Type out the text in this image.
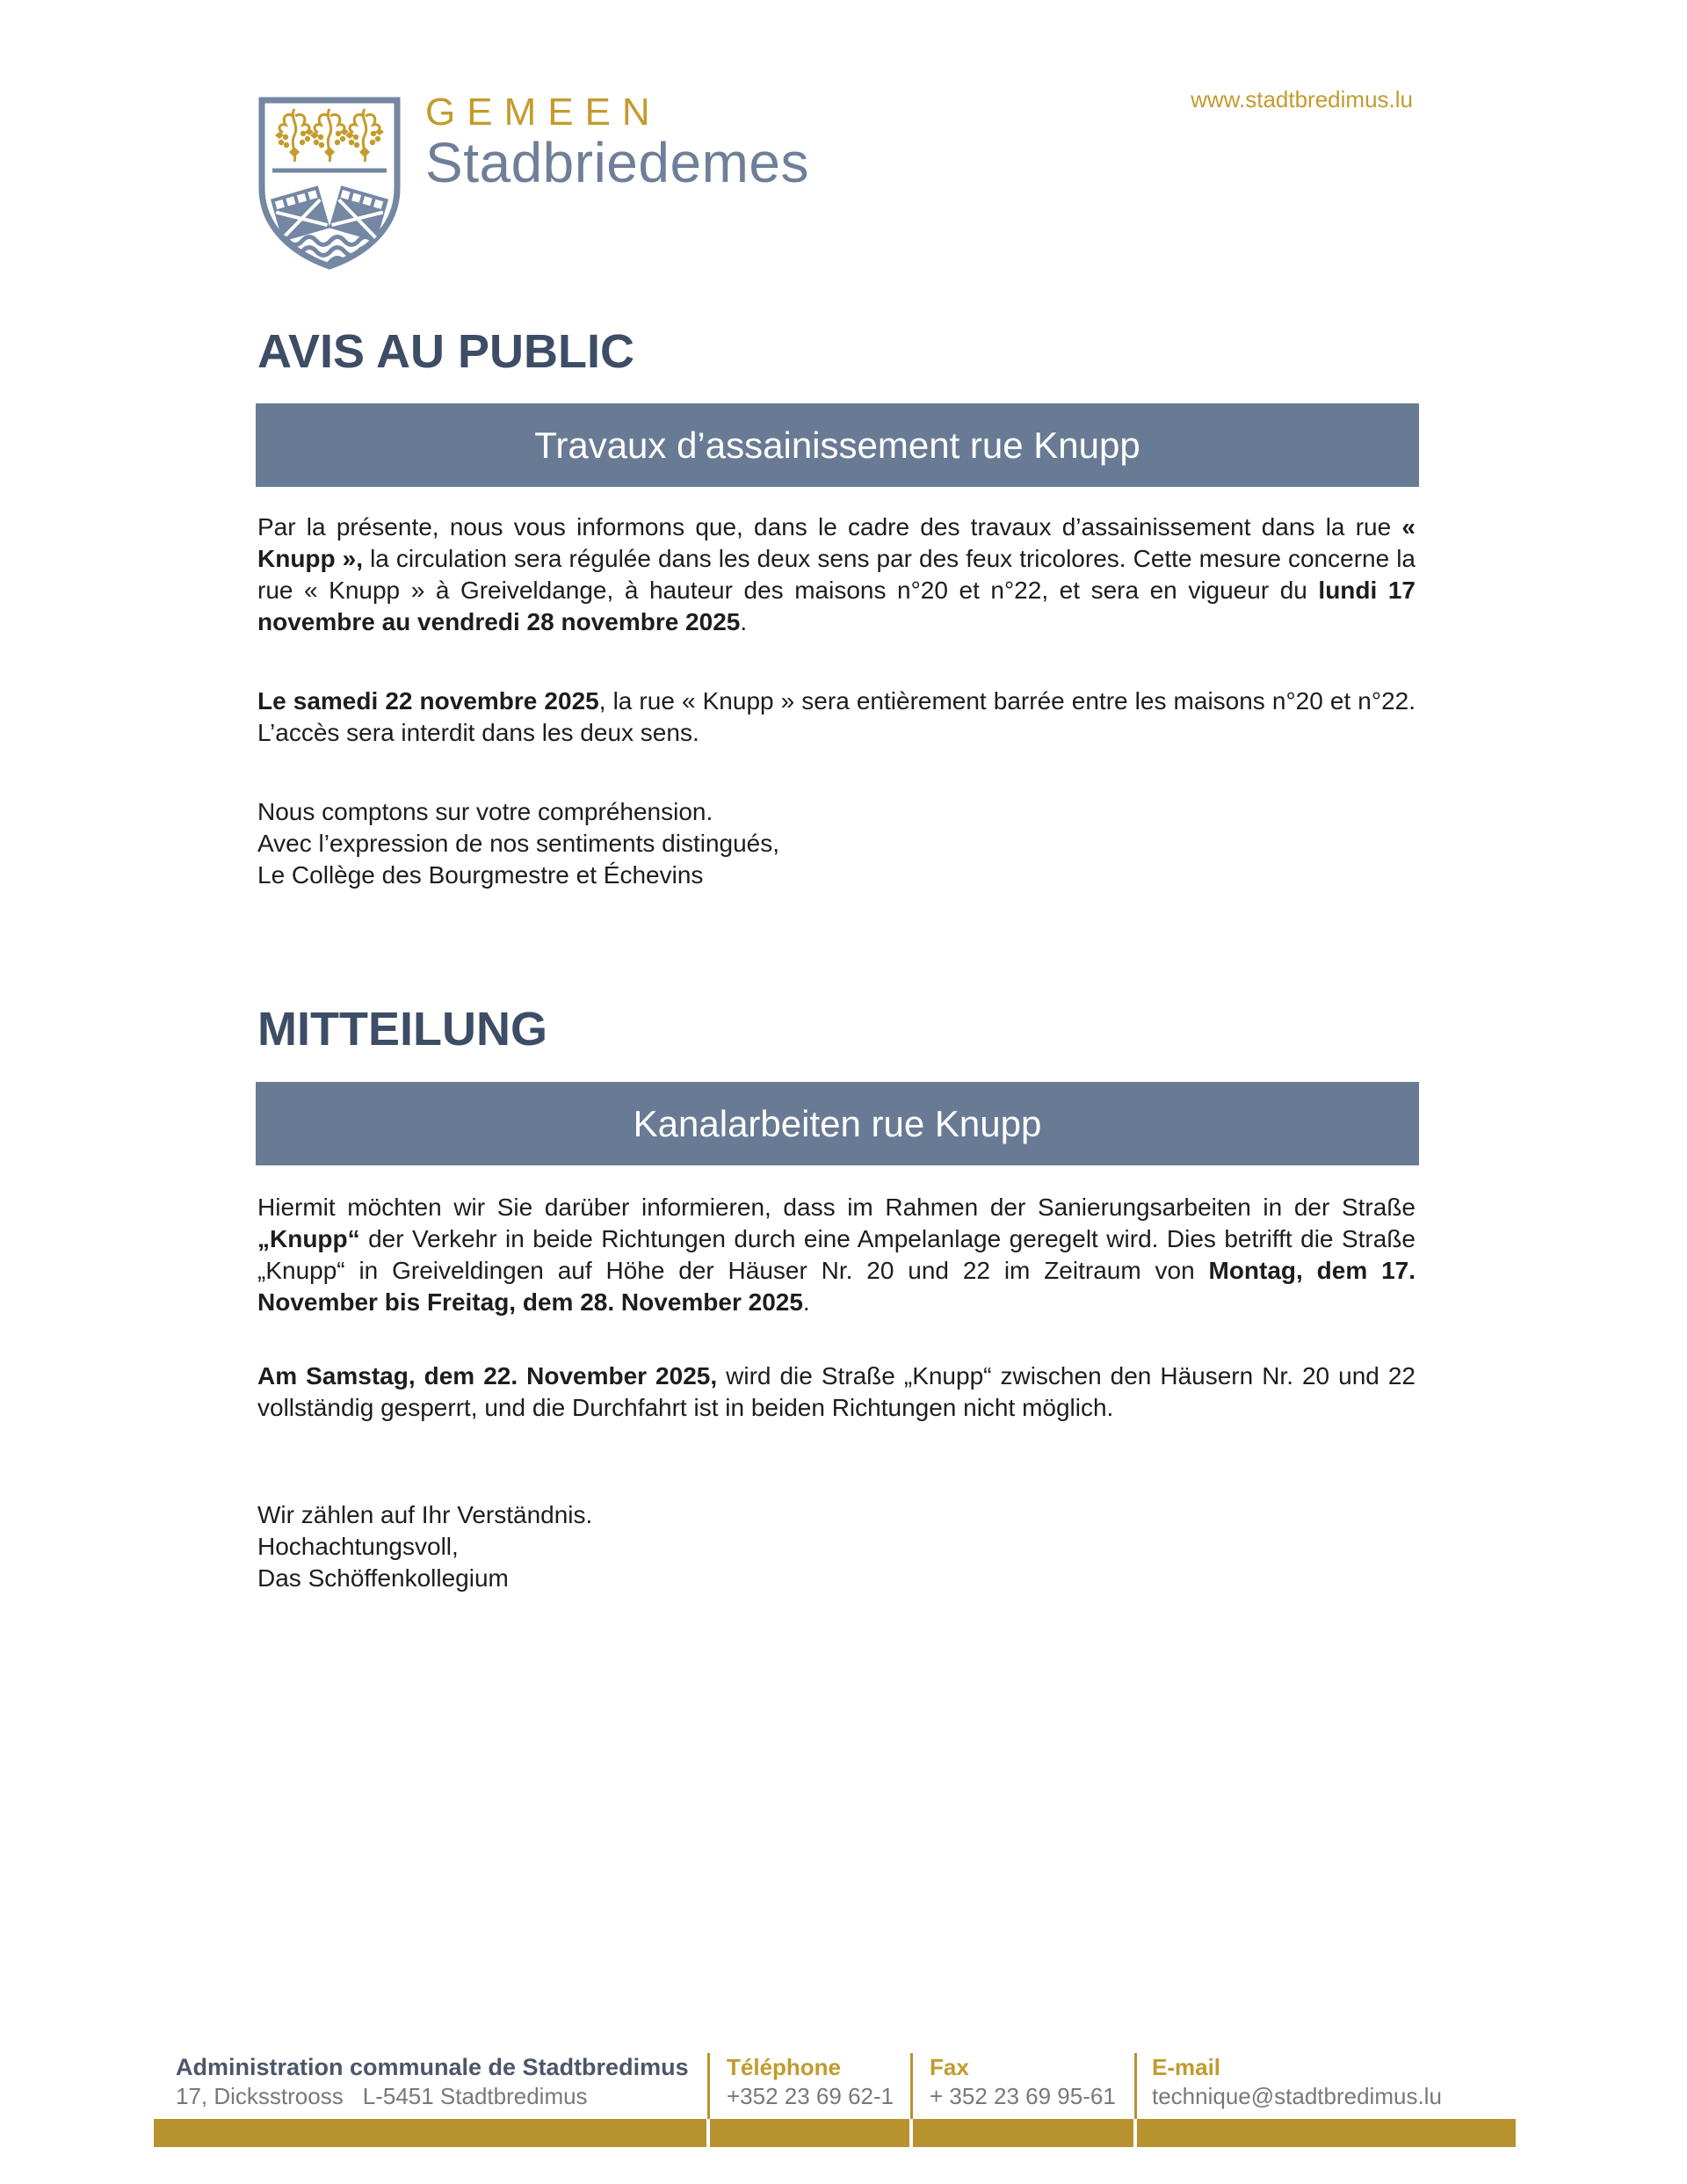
GEMEEN
Stadbriedemes
www.stadtbredimus.lu
AVIS AU PUBLIC
Travaux d’assainissement rue Knupp

Par la présente, nous vous informons que, dans le cadre des travaux d’assainissement dans la rue « Knupp », la circulation sera régulée dans les deux sens par des feux tricolores. Cette mesure concerne la rue « Knupp » à Greiveldange, à hauteur des maisons n°20 et n°22, et sera en vigueur du lundi 17 novembre au vendredi 28 novembre 2025.

Le samedi 22 novembre 2025, la rue « Knupp » sera entièrement barrée entre les maisons n°20 et n°22. L’accès sera interdit dans les deux sens.

Nous comptons sur votre compréhension.
Avec l’expression de nos sentiments distingués,
Le Collège des Bourgmestre et Échevins
MITTEILUNG
Kanalarbeiten rue Knupp

Hiermit möchten wir Sie darüber informieren, dass im Rahmen der Sanierungsarbeiten in der Straße „Knupp“ der Verkehr in beide Richtungen durch eine Ampelanlage geregelt wird. Dies betrifft die Straße „Knupp“ in Greiveldingen auf Höhe der Häuser Nr. 20 und 22 im Zeitraum von Montag, dem 17. November bis Freitag, dem 28. November 2025.

Am Samstag, dem 22. November 2025, wird die Straße „Knupp“ zwischen den Häusern Nr. 20 und 22 vollständig gesperrt, und die Durchfahrt ist in beiden Richtungen nicht möglich.

Wir zählen auf Ihr Verständnis.
Hochachtungsvoll,
Das Schöffenkollegium
Administration communale de Stadtbredimus
17, Dicksstrooss L-5451 Stadtbredimus
Téléphone
+352 23 69 62-1
Fax
+ 352 23 69 95-61
E-mail
technique@stadtbredimus.lu
